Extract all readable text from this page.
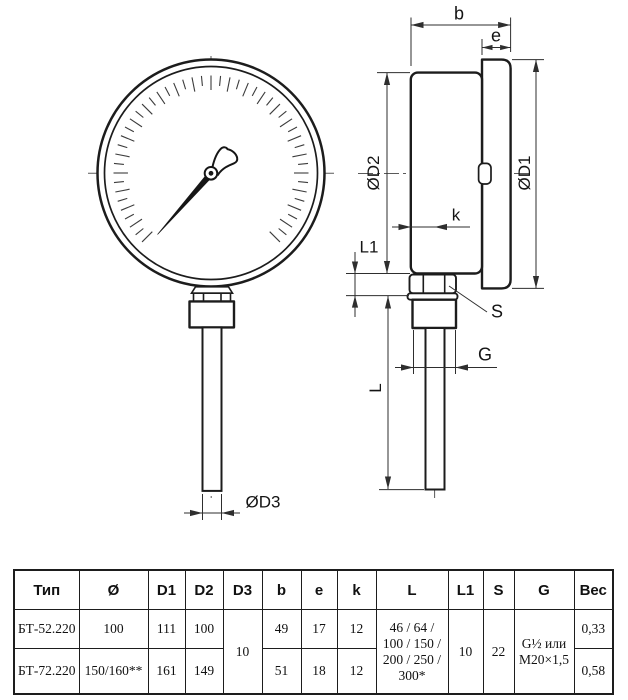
ØD3
b
e
ØD2	ØD1
k
L1
S
G
L
Тип	Ø	D1	D2	D3	b	e	k	L	L1	S	G	Вес
БТ-52.220	100	111	100	10	49	17	12	46 / 64 / 100 / 150 / 200 / 250 / 300*	10	22	G½ или М20×1,5	0,33
БТ-72.220	150/160**	161	149		51	18	12					0,58
